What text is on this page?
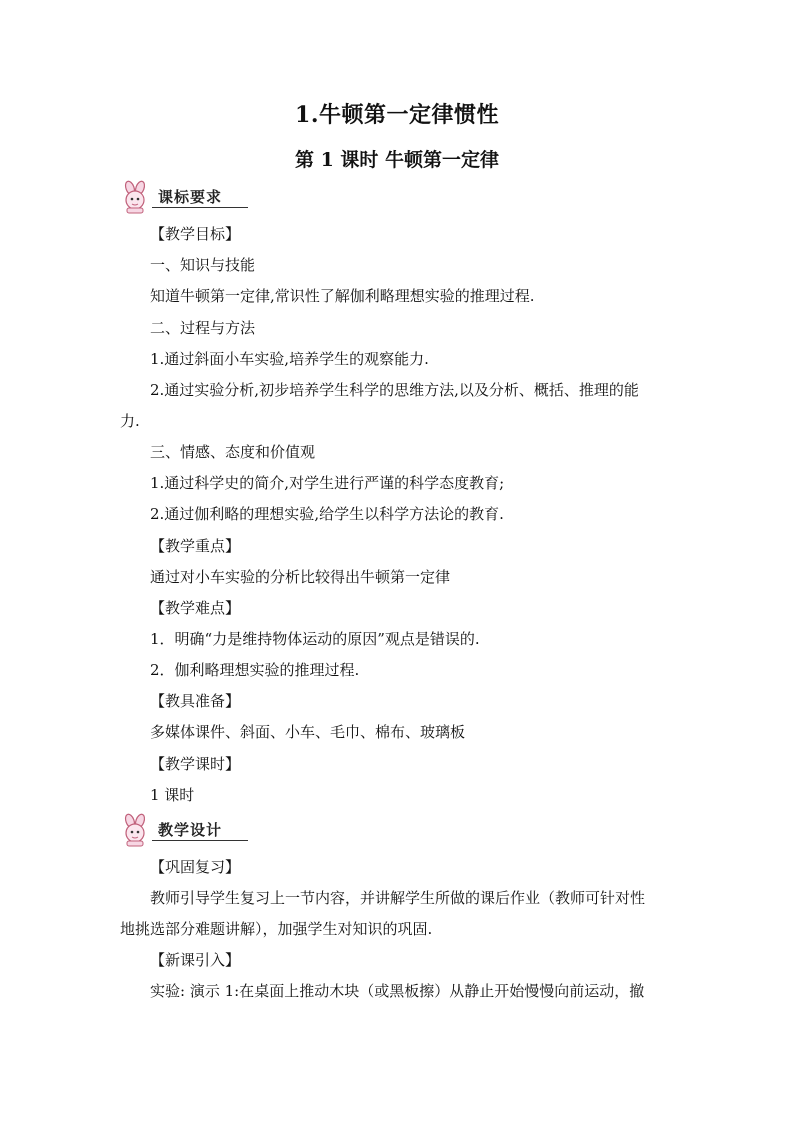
1.牛顿第一定律惯性
第 1 课时 牛顿第一定律
课标要求
【教学目标】
一、知识与技能
知道牛顿第一定律,常识性了解伽利略理想实验的推理过程.
二、过程与方法
1.通过斜面小车实验,培养学生的观察能力.
2.通过实验分析,初步培养学生科学的思维方法,以及分析、概括、推理的能
力.
三、情感、态度和价值观
1.通过科学史的简介,对学生进行严谨的科学态度教育;
2.通过伽利略的理想实验,给学生以科学方法论的教育.
【教学重点】
通过对小车实验的分析比较得出牛顿第一定律
【教学难点】
1．明确“力是维持物体运动的原因”观点是错误的.
2．伽利略理想实验的推理过程.
【教具准备】
多媒体课件、斜面、小车、毛巾、棉布、玻璃板
【教学课时】
1 课时
教学设计
【巩固复习】
教师引导学生复习上一节内容，并讲解学生所做的课后作业（教师可针对性
地挑选部分难题讲解），加强学生对知识的巩固.
【新课引入】
实验: 演示 1:在桌面上推动木块（或黑板擦）从静止开始慢慢向前运动，撤
